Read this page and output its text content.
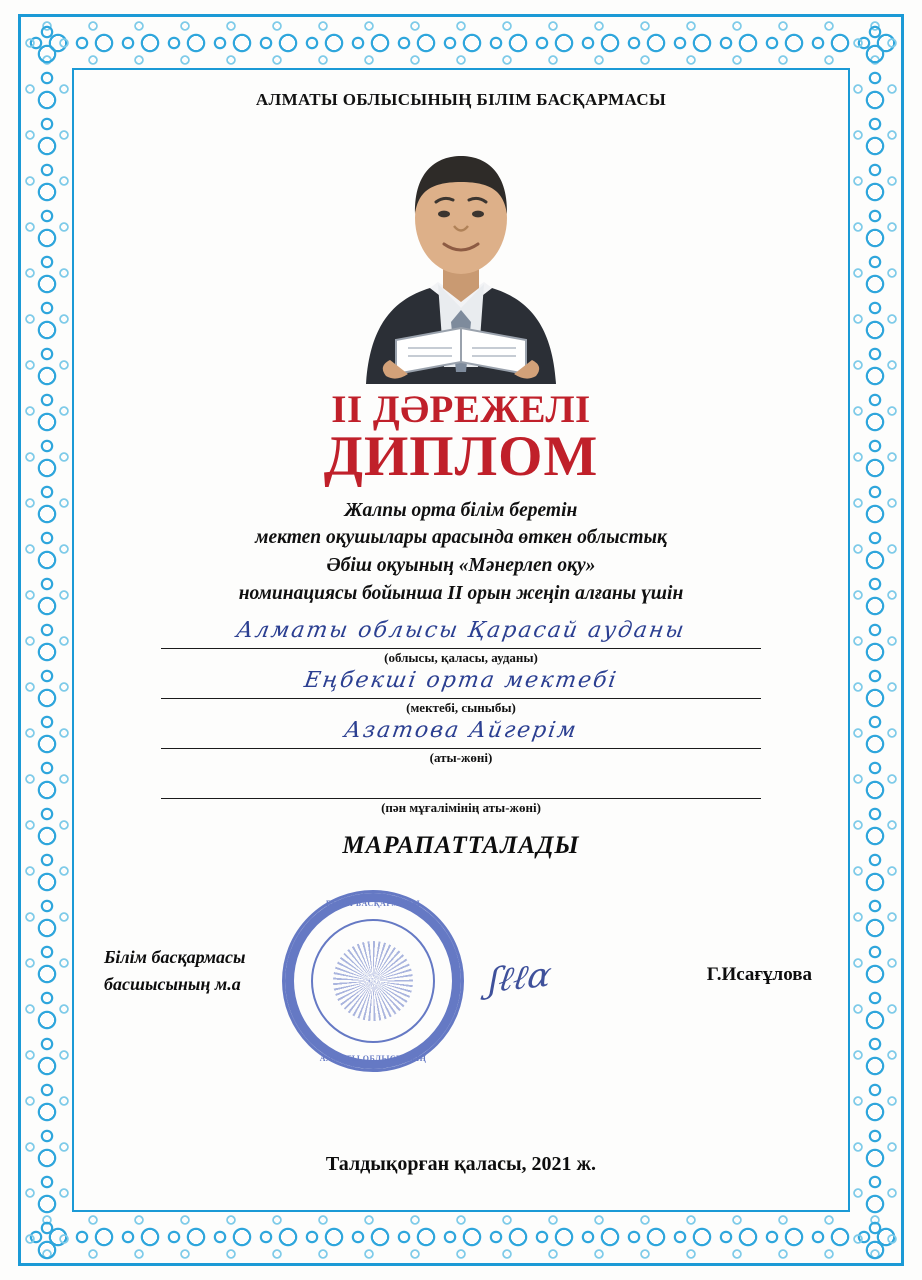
АЛМАТЫ ОБЛЫСЫНЫҢ БІЛІМ БАСҚАРМАСЫ
II ДӘРЕЖЕЛІ
ДИПЛОМ
Жалпы орта білім беретін
мектеп оқушылары арасында өткен облыстық
Әбіш оқуының «Мәнерлеп оқу»
номинациясы бойынша II орын жеңіп алғаны үшін
Алматы облысы Қарасай ауданы
(облысы, қаласы, ауданы)
Еңбекші орта мектебі
(мектебі, сыныбы)
Азатова Айгерім
(аты-жөні)
(пән мұғалімінің аты-жөні)
МАРАПАТТАЛАДЫ
Білім басқармасы
басшысының м.а
БІЛІМ БАСҚАРМАСЫ
АЛМАТЫ ОБЛЫСЫНЫҢ
ʃℓℓα	Г.Исағұлова
Талдықорған қаласы, 2021 ж.
